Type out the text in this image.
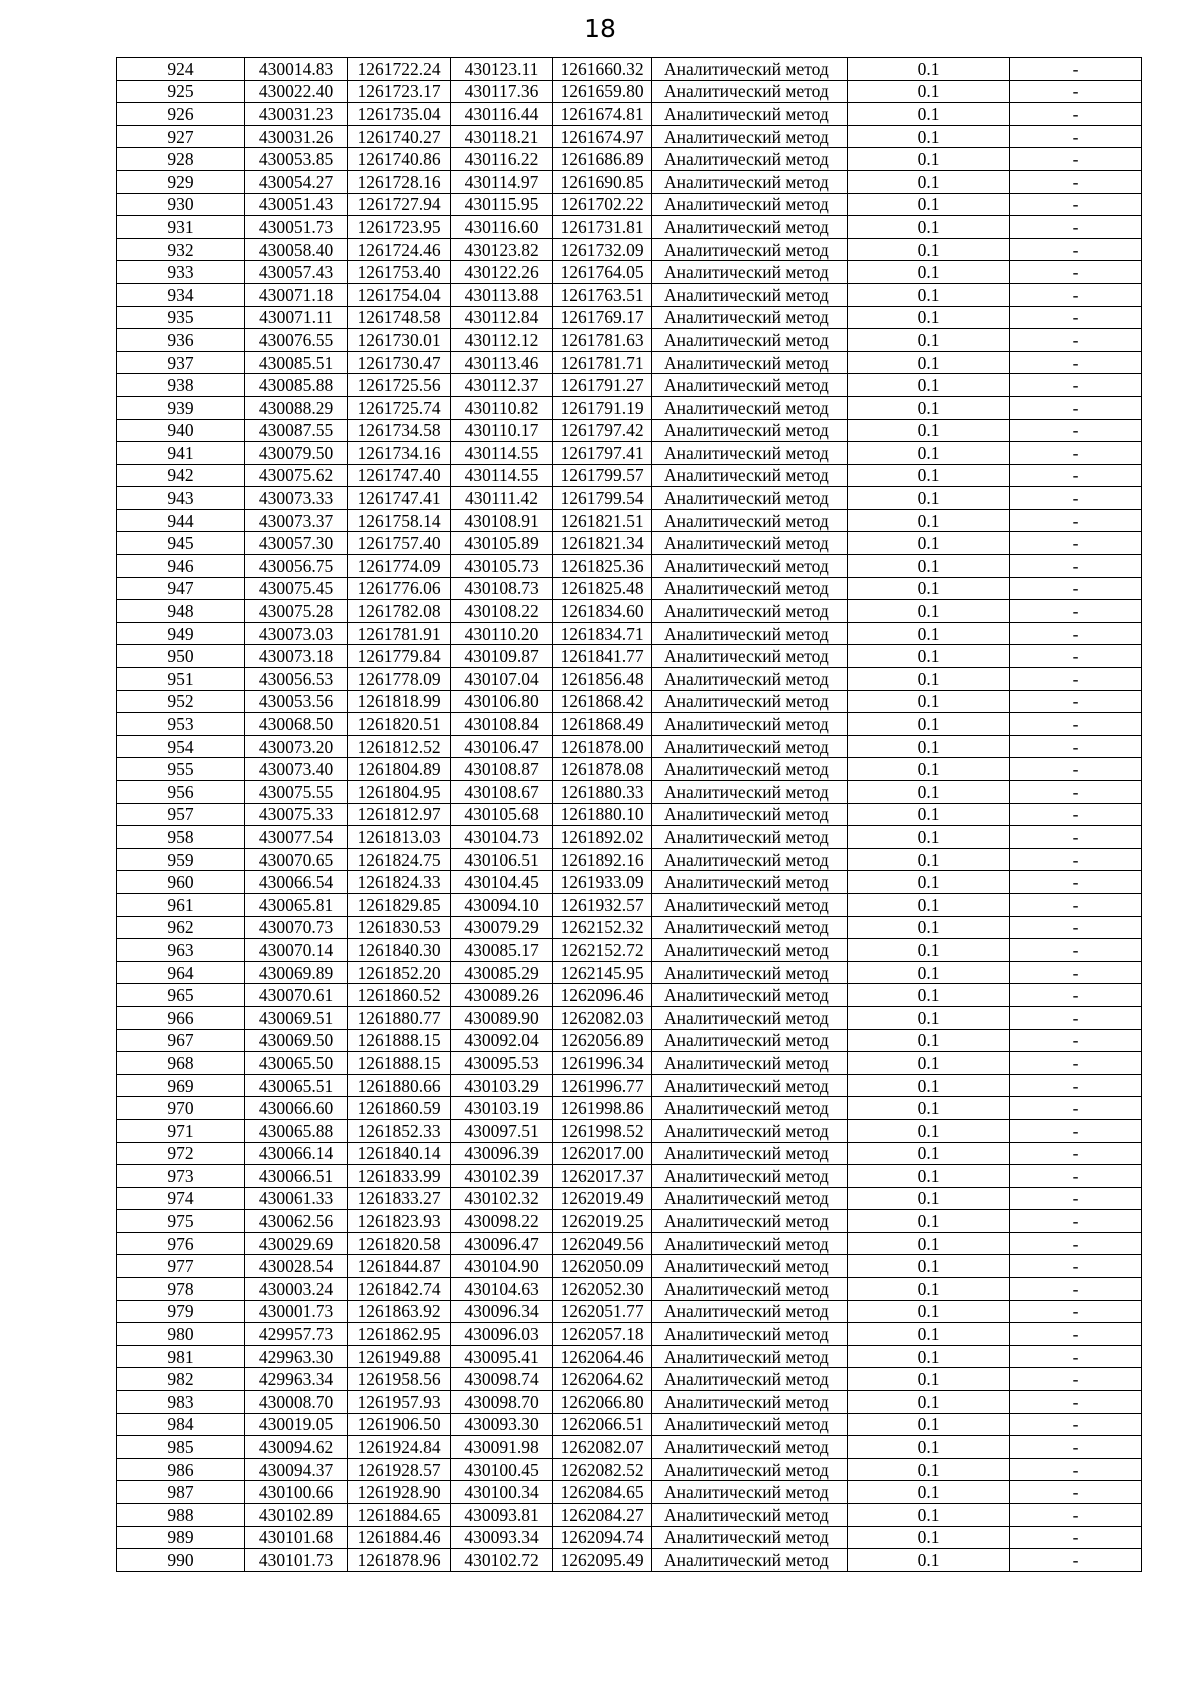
18
924	430014.83	1261722.24	430123.11	1261660.32	Аналитический метод	0.1	-
925	430022.40	1261723.17	430117.36	1261659.80	Аналитический метод	0.1	-
926	430031.23	1261735.04	430116.44	1261674.81	Аналитический метод	0.1	-
927	430031.26	1261740.27	430118.21	1261674.97	Аналитический метод	0.1	-
928	430053.85	1261740.86	430116.22	1261686.89	Аналитический метод	0.1	-
929	430054.27	1261728.16	430114.97	1261690.85	Аналитический метод	0.1	-
930	430051.43	1261727.94	430115.95	1261702.22	Аналитический метод	0.1	-
931	430051.73	1261723.95	430116.60	1261731.81	Аналитический метод	0.1	-
932	430058.40	1261724.46	430123.82	1261732.09	Аналитический метод	0.1	-
933	430057.43	1261753.40	430122.26	1261764.05	Аналитический метод	0.1	-
934	430071.18	1261754.04	430113.88	1261763.51	Аналитический метод	0.1	-
935	430071.11	1261748.58	430112.84	1261769.17	Аналитический метод	0.1	-
936	430076.55	1261730.01	430112.12	1261781.63	Аналитический метод	0.1	-
937	430085.51	1261730.47	430113.46	1261781.71	Аналитический метод	0.1	-
938	430085.88	1261725.56	430112.37	1261791.27	Аналитический метод	0.1	-
939	430088.29	1261725.74	430110.82	1261791.19	Аналитический метод	0.1	-
940	430087.55	1261734.58	430110.17	1261797.42	Аналитический метод	0.1	-
941	430079.50	1261734.16	430114.55	1261797.41	Аналитический метод	0.1	-
942	430075.62	1261747.40	430114.55	1261799.57	Аналитический метод	0.1	-
943	430073.33	1261747.41	430111.42	1261799.54	Аналитический метод	0.1	-
944	430073.37	1261758.14	430108.91	1261821.51	Аналитический метод	0.1	-
945	430057.30	1261757.40	430105.89	1261821.34	Аналитический метод	0.1	-
946	430056.75	1261774.09	430105.73	1261825.36	Аналитический метод	0.1	-
947	430075.45	1261776.06	430108.73	1261825.48	Аналитический метод	0.1	-
948	430075.28	1261782.08	430108.22	1261834.60	Аналитический метод	0.1	-
949	430073.03	1261781.91	430110.20	1261834.71	Аналитический метод	0.1	-
950	430073.18	1261779.84	430109.87	1261841.77	Аналитический метод	0.1	-
951	430056.53	1261778.09	430107.04	1261856.48	Аналитический метод	0.1	-
952	430053.56	1261818.99	430106.80	1261868.42	Аналитический метод	0.1	-
953	430068.50	1261820.51	430108.84	1261868.49	Аналитический метод	0.1	-
954	430073.20	1261812.52	430106.47	1261878.00	Аналитический метод	0.1	-
955	430073.40	1261804.89	430108.87	1261878.08	Аналитический метод	0.1	-
956	430075.55	1261804.95	430108.67	1261880.33	Аналитический метод	0.1	-
957	430075.33	1261812.97	430105.68	1261880.10	Аналитический метод	0.1	-
958	430077.54	1261813.03	430104.73	1261892.02	Аналитический метод	0.1	-
959	430070.65	1261824.75	430106.51	1261892.16	Аналитический метод	0.1	-
960	430066.54	1261824.33	430104.45	1261933.09	Аналитический метод	0.1	-
961	430065.81	1261829.85	430094.10	1261932.57	Аналитический метод	0.1	-
962	430070.73	1261830.53	430079.29	1262152.32	Аналитический метод	0.1	-
963	430070.14	1261840.30	430085.17	1262152.72	Аналитический метод	0.1	-
964	430069.89	1261852.20	430085.29	1262145.95	Аналитический метод	0.1	-
965	430070.61	1261860.52	430089.26	1262096.46	Аналитический метод	0.1	-
966	430069.51	1261880.77	430089.90	1262082.03	Аналитический метод	0.1	-
967	430069.50	1261888.15	430092.04	1262056.89	Аналитический метод	0.1	-
968	430065.50	1261888.15	430095.53	1261996.34	Аналитический метод	0.1	-
969	430065.51	1261880.66	430103.29	1261996.77	Аналитический метод	0.1	-
970	430066.60	1261860.59	430103.19	1261998.86	Аналитический метод	0.1	-
971	430065.88	1261852.33	430097.51	1261998.52	Аналитический метод	0.1	-
972	430066.14	1261840.14	430096.39	1262017.00	Аналитический метод	0.1	-
973	430066.51	1261833.99	430102.39	1262017.37	Аналитический метод	0.1	-
974	430061.33	1261833.27	430102.32	1262019.49	Аналитический метод	0.1	-
975	430062.56	1261823.93	430098.22	1262019.25	Аналитический метод	0.1	-
976	430029.69	1261820.58	430096.47	1262049.56	Аналитический метод	0.1	-
977	430028.54	1261844.87	430104.90	1262050.09	Аналитический метод	0.1	-
978	430003.24	1261842.74	430104.63	1262052.30	Аналитический метод	0.1	-
979	430001.73	1261863.92	430096.34	1262051.77	Аналитический метод	0.1	-
980	429957.73	1261862.95	430096.03	1262057.18	Аналитический метод	0.1	-
981	429963.30	1261949.88	430095.41	1262064.46	Аналитический метод	0.1	-
982	429963.34	1261958.56	430098.74	1262064.62	Аналитический метод	0.1	-
983	430008.70	1261957.93	430098.70	1262066.80	Аналитический метод	0.1	-
984	430019.05	1261906.50	430093.30	1262066.51	Аналитический метод	0.1	-
985	430094.62	1261924.84	430091.98	1262082.07	Аналитический метод	0.1	-
986	430094.37	1261928.57	430100.45	1262082.52	Аналитический метод	0.1	-
987	430100.66	1261928.90	430100.34	1262084.65	Аналитический метод	0.1	-
988	430102.89	1261884.65	430093.81	1262084.27	Аналитический метод	0.1	-
989	430101.68	1261884.46	430093.34	1262094.74	Аналитический метод	0.1	-
990	430101.73	1261878.96	430102.72	1262095.49	Аналитический метод	0.1	-
